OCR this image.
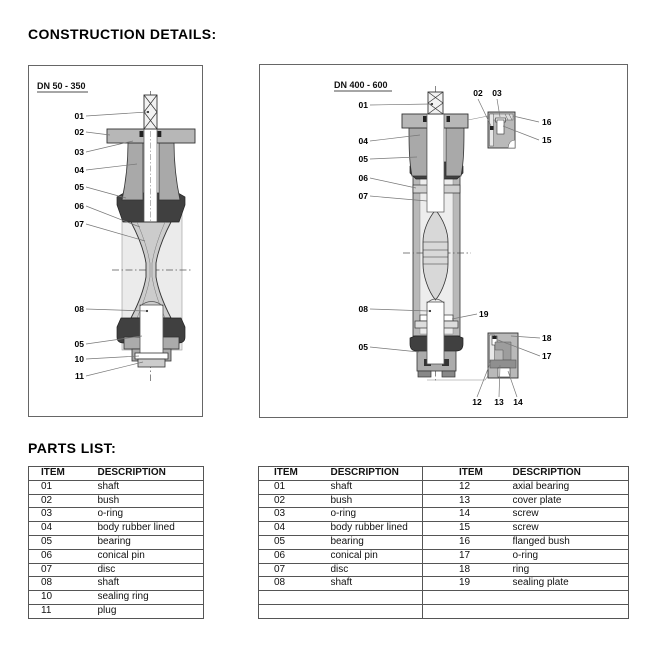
CONSTRUCTION DETAILS:
DN 50 - 350
01
02
03
04
05
06
07
08
05
10
11
DN 400 - 600
01
04
05
06
07
08
05
02 03
12 13 14
16
15
18
17
19
PARTS LIST:
ITEM	DESCRIPTION
01	shaft
02	bush
03	o-ring
04	body rubber lined
05	bearing
06	conical pin
07	disc
08	shaft
10	sealing ring
11	plug
ITEM	DESCRIPTION	ITEM	DESCRIPTION
01	shaft	12	axial bearing
02	bush	13	cover plate
03	o-ring	14	screw
04	body rubber lined	15	screw
05	bearing	16	flanged bush
06	conical pin	17	o-ring
07	disc	18	ring
08	shaft	19	sealing plate
